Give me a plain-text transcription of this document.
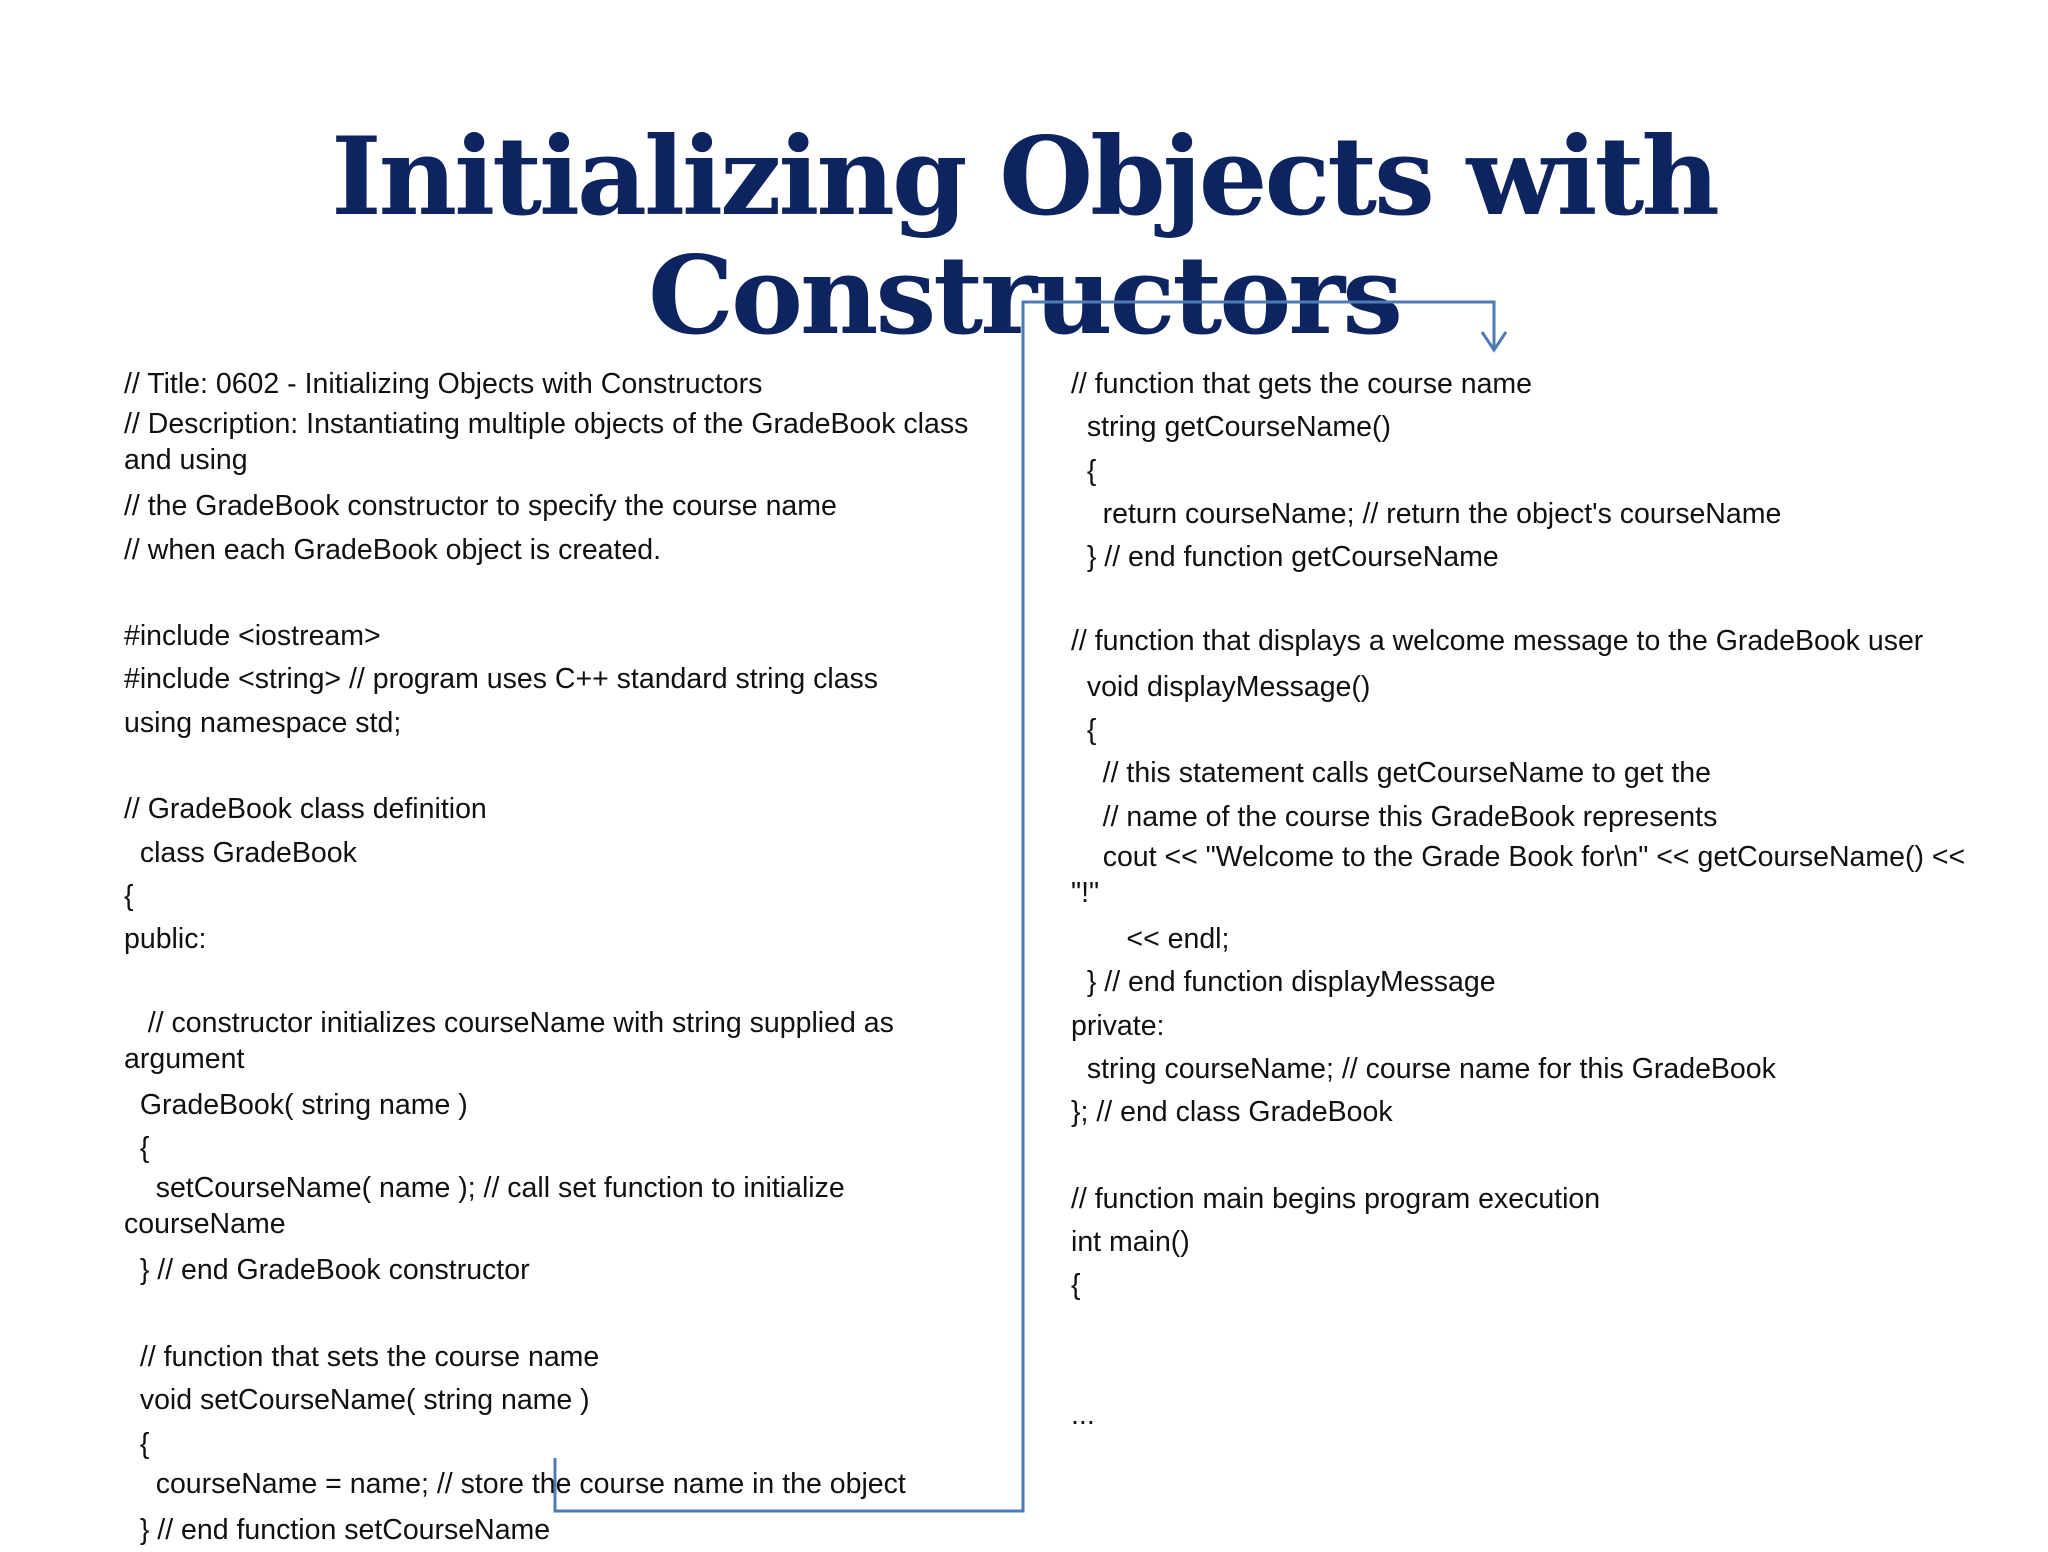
Initializing Objects with Constructors
// Title: 0602 - Initializing Objects with Constructors
// Description: Instantiating multiple objects of the GradeBook class and using
// the GradeBook constructor to specify the course name
// when each GradeBook object is created.
#include <iostream>
#include <string> // program uses C++ standard string class
using namespace std;
// GradeBook class definition
class GradeBook
{
public:
// constructor initializes courseName with string supplied as argument
GradeBook( string name )
{
setCourseName( name ); // call set function to initialize courseName
} // end GradeBook constructor
// function that sets the course name
void setCourseName( string name )
{
courseName = name; // store the course name in the object
} // end function setCourseName
// function that gets the course name
string getCourseName()
{
return courseName; // return the object's courseName
} // end function getCourseName
// function that displays a welcome message to the GradeBook user
void displayMessage()
{
// this statement calls getCourseName to get the
// name of the course this GradeBook represents
cout << "Welcome to the Grade Book for\n" << getCourseName() << "!"
<< endl;
} // end function displayMessage
private:
string courseName; // course name for this GradeBook
}; // end class GradeBook
// function main begins program execution
int main()
{
...
